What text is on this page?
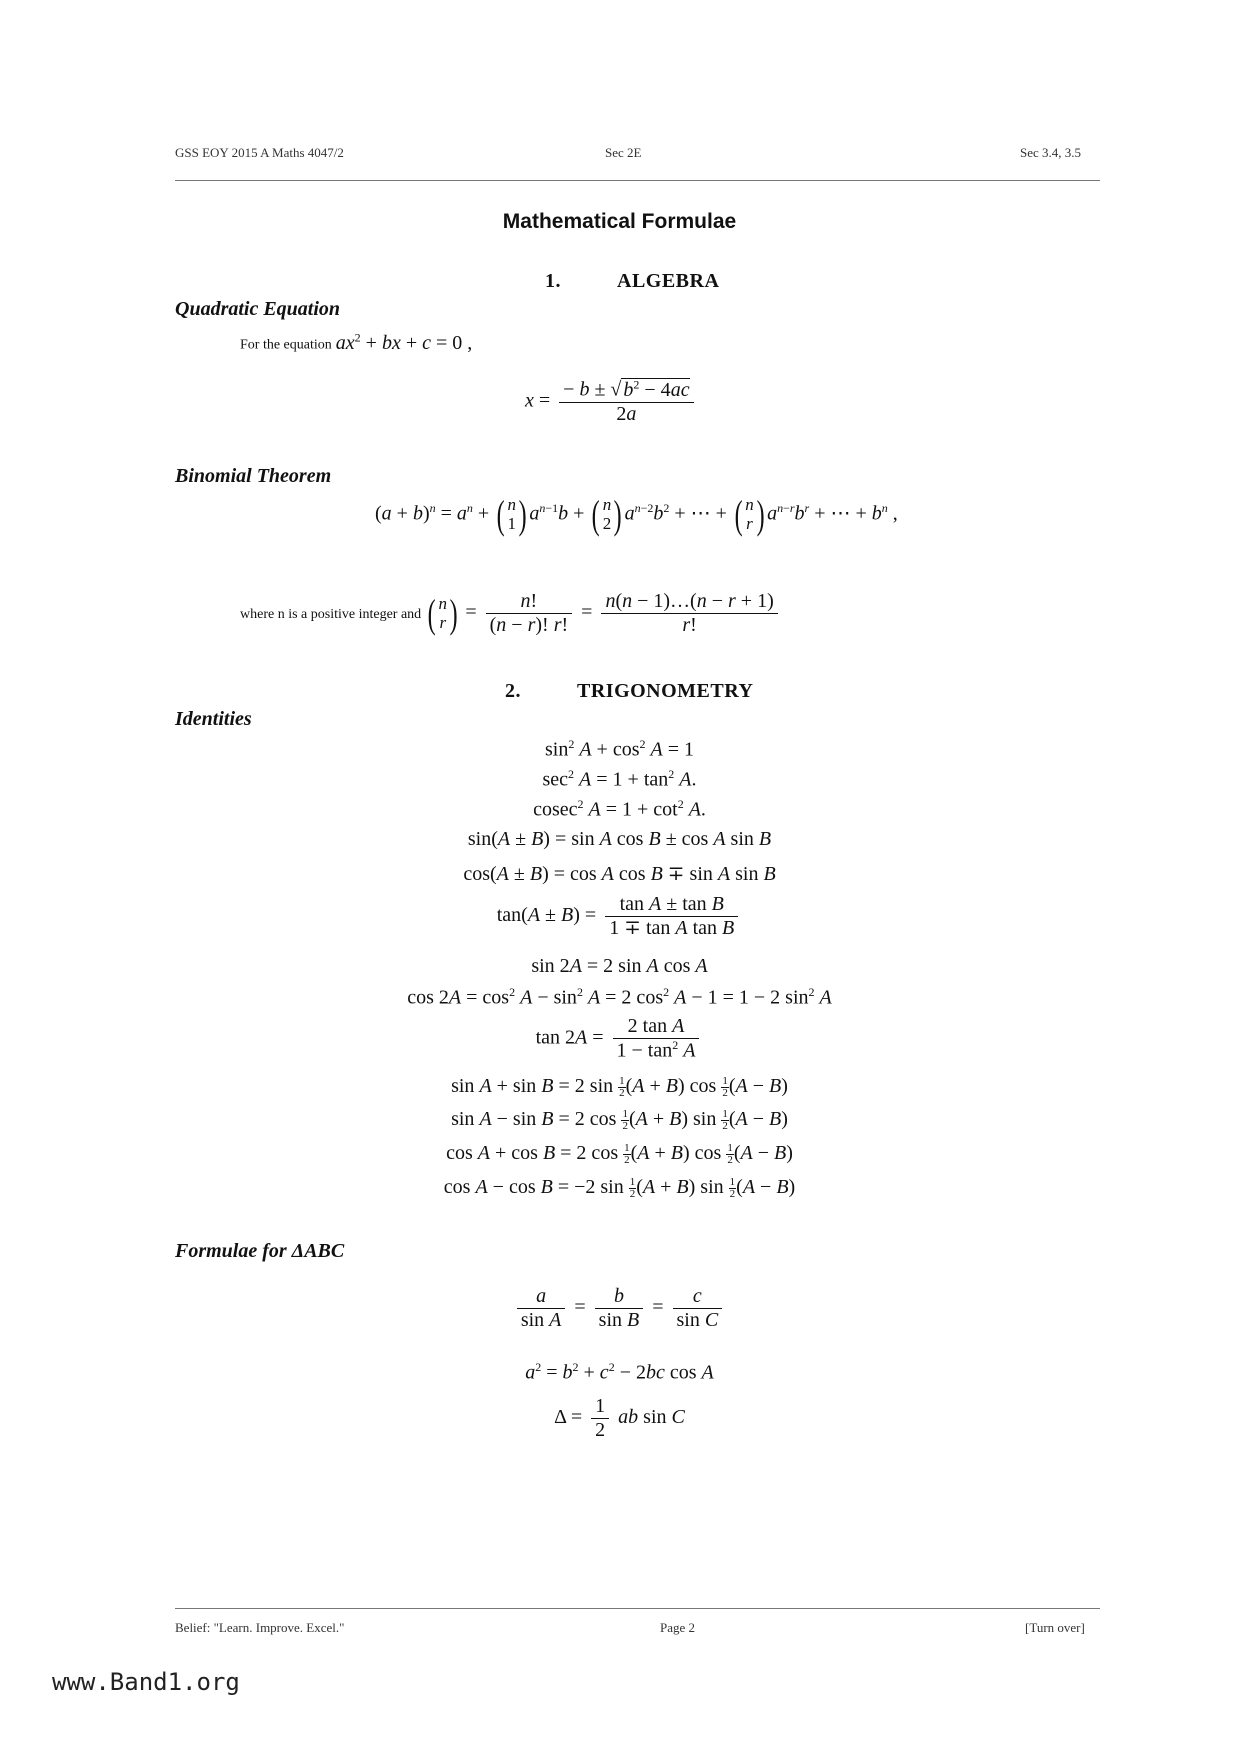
GSS EOY 2015 A Maths 4047/2	Sec 2E	Sec 3.4, 3.5
Mathematical Formulae
1.	ALGEBRA
Quadratic Equation
For the equation $ax^2$ + bx + c = 0 ,
$x = \frac{- b \pm √ b^2 - 4ac}{2a}$
Binomial Theorem
$(a + b)^n = a^n$ + ( n
1 ) $a^{n-1}b$ + ( n
2 ) $a^{n-2}b^2$ + ⋯ + ( n
r ) $a^{n-r}b^r$ + ⋯ + $b^n$ ,
where n is a positive integer and ( n
r ) = $\frac{n!}{(n - r)! r!} = \frac{n(n - 1)\dots(n - r + 1)}{r!}$
2.	TRIGONOMETRY
Identities
$\sin^2 A + \cos^2 A = 1$
$\sec^2 A = 1 + \tan^2 A$.
cosec$^2$ $A = 1 + \cot^2 A$.
sin(A ± B) = sin A cos B ± cos A sin B
cos(A ± B) = cos A cos B ∓ sin A sin B
$\tan(A \pm B) = \frac{\text{tan A ± tan B}}{\text{1 ∓ tan A tan B}}$
sin 2A = 2 sin A cos A
$\cos 2A = \cos^2 A - \sin^2 A = 2$ $\cos^2 A - 1 = 1 - 2$ $\sin^2 A$
$\tan 2A = \frac{\text{2 tan A}}{1 - \tan^2 A}$
sin A + sin B = 2 $\sin \frac{1}{2} (A + B)$ $\cos \frac{1}{2} (A - B)$
sin A − sin B = 2 $\cos \frac{1}{2} (A + B)$ $\sin \frac{1}{2} (A - B)$
cos A + cos B = 2 $\cos \frac{1}{2} (A + B)$ $\cos \frac{1}{2} (A - B)$
cos A − cos B = −2 $\sin \frac{1}{2} (A + B)$ $\sin \frac{1}{2} (A - B)$
Formulae for ΔABC
$\frac{a}{\text{sin A}} = \frac{b}{\text{sin B}} = \frac{c}{\text{sin C}}$
$a^2 = b^2 + c^2 - 2bc$ cos A
$\Delta = \frac{1}{2}$ ab sin C
Belief: "Learn. Improve. Excel."	Page 2	[Turn over]
www.Band1.org
